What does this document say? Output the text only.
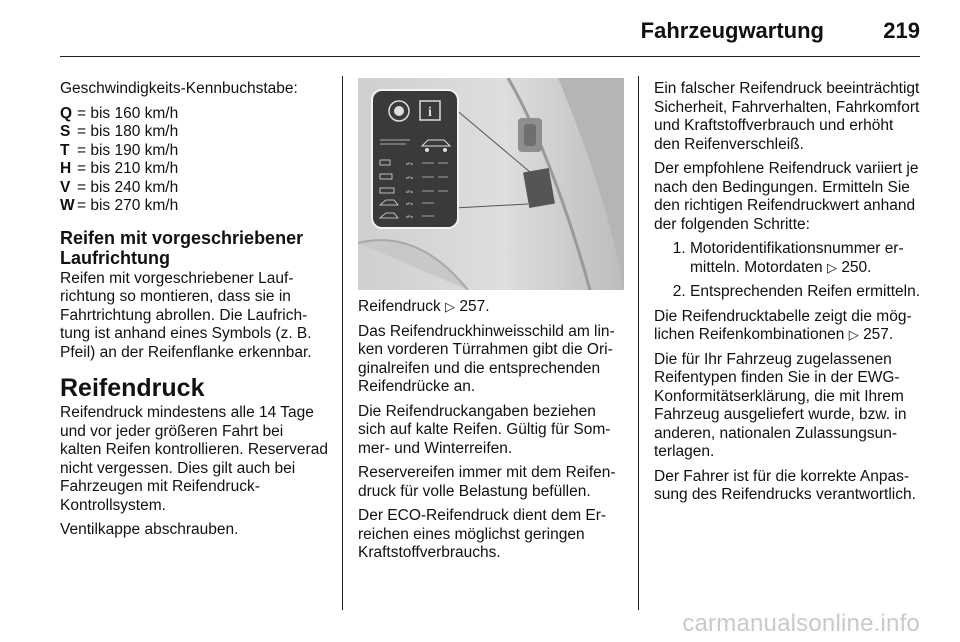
Fahrzeugwartung	219

Geschwindigkeits-Kennbuchstabe:

Q = bis 160 km/h
S = bis 180 km/h
T = bis 190 km/h
H = bis 210 km/h
V = bis 240 km/h
W = bis 270 km/h
Reifen mit vorgeschriebener Laufrichtung

Reifen mit vorgeschriebener Laufrichtung so montieren, dass sie in Fahrtrichtung abrollen. Die Laufrichtung ist anhand eines Symbols (z. B. Pfeil) an der Reifenflanke erkennbar.

Reifendruck

Reifendruck mindestens alle 14 Tage und vor jeder größeren Fahrt bei kalten Reifen kontrollieren. Reserverad nicht vergessen. Dies gilt auch bei Fahrzeugen mit Reifendruck-Kontrollsystem.

Ventilkappe abschrauben.

i
kPa
kPa
kPa
kPa
kPa

Reifendruck ▷ 257.

Das Reifendruckhinweisschild am linken vorderen Türrahmen gibt die Originalreifen und die entsprechenden Reifendrücke an.

Die Reifendruckangaben beziehen sich auf kalte Reifen. Gültig für Sommer- und Winterreifen.

Reservereifen immer mit dem Reifendruck für volle Belastung befüllen.

Der ECO-Reifendruck dient dem Erreichen eines möglichst geringen Kraftstoffverbrauchs.

Ein falscher Reifendruck beeinträchtigt Sicherheit, Fahrverhalten, Fahrkomfort und Kraftstoffverbrauch und erhöht den Reifenverschleiß.

Der empfohlene Reifendruck variiert je nach den Bedingungen. Ermitteln Sie den richtigen Reifendruckwert anhand der folgenden Schritte:

1. Motoridentifikationsnummer ermitteln. Motordaten ▷ 250.
2. Entsprechenden Reifen ermitteln.

Die Reifendrucktabelle zeigt die möglichen Reifenkombinationen ▷ 257.

Die für Ihr Fahrzeug zugelassenen Reifentypen finden Sie in der EWG-Konformitätserklärung, die mit Ihrem Fahrzeug ausgeliefert wurde, bzw. in anderen, nationalen Zulassungsunterlagen.

Der Fahrer ist für die korrekte Anpassung des Reifendrucks verantwortlich.

carmanualsonline.info
